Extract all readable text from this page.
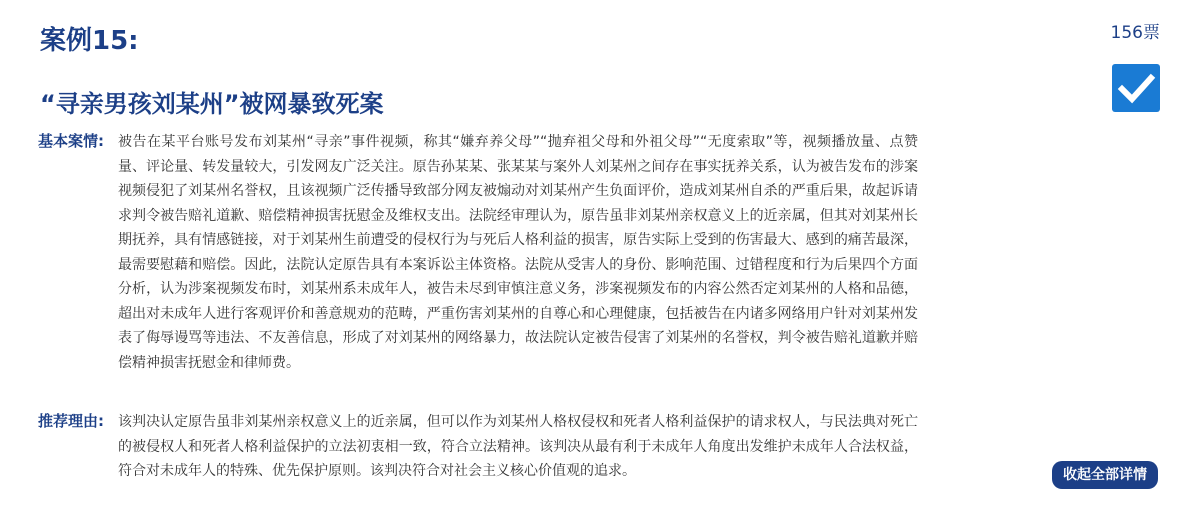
案例15:	156票
“寻亲男孩刘某州”被网暴致死案
基本案情:	被告在某平台账号发布刘某州“寻亲”事件视频，称其“嫌弃养父母”“抛弃祖父母和外祖父母”“无度索取”等，视频播放量、点赞量、评论量、转发量较大，引发网友广泛关注。原告孙某某、张某某与案外人刘某州之间存在事实抚养关系，认为被告发布的涉案视频侵犯了刘某州名誉权，且该视频广泛传播导致部分网友被煽动对刘某州产生负面评价，造成刘某州自杀的严重后果，故起诉请求判令被告赔礼道歉、赔偿精神损害抚慰金及维权支出。法院经审理认为，原告虽非刘某州亲权意义上的近亲属，但其对刘某州长期抚养，具有情感链接，对于刘某州生前遭受的侵权行为与死后人格利益的损害，原告实际上受到的伤害最大、感到的痛苦最深，最需要慰藉和赔偿。因此，法院认定原告具有本案诉讼主体资格。法院从受害人的身份、影响范围、过错程度和行为后果四个方面分析，认为涉案视频发布时，刘某州系未成年人，被告未尽到审慎注意义务，涉案视频发布的内容公然否定刘某州的人格和品德，超出对未成年人进行客观评价和善意规劝的范畴，严重伤害刘某州的自尊心和心理健康，包括被告在内诸多网络用户针对刘某州发表了侮辱谩骂等违法、不友善信息，形成了对刘某州的网络暴力，故法院认定被告侵害了刘某州的名誉权，判令被告赔礼道歉并赔偿精神损害抚慰金和律师费。
推荐理由:	该判决认定原告虽非刘某州亲权意义上的近亲属，但可以作为刘某州人格权侵权和死者人格利益保护的请求权人，与民法典对死亡的被侵权人和死者人格利益保护的立法初衷相一致，符合立法精神。该判决从最有利于未成年人角度出发维护未成年人合法权益，符合对未成年人的特殊、优先保护原则。该判决符合对社会主义核心价值观的追求。	收起全部详情
